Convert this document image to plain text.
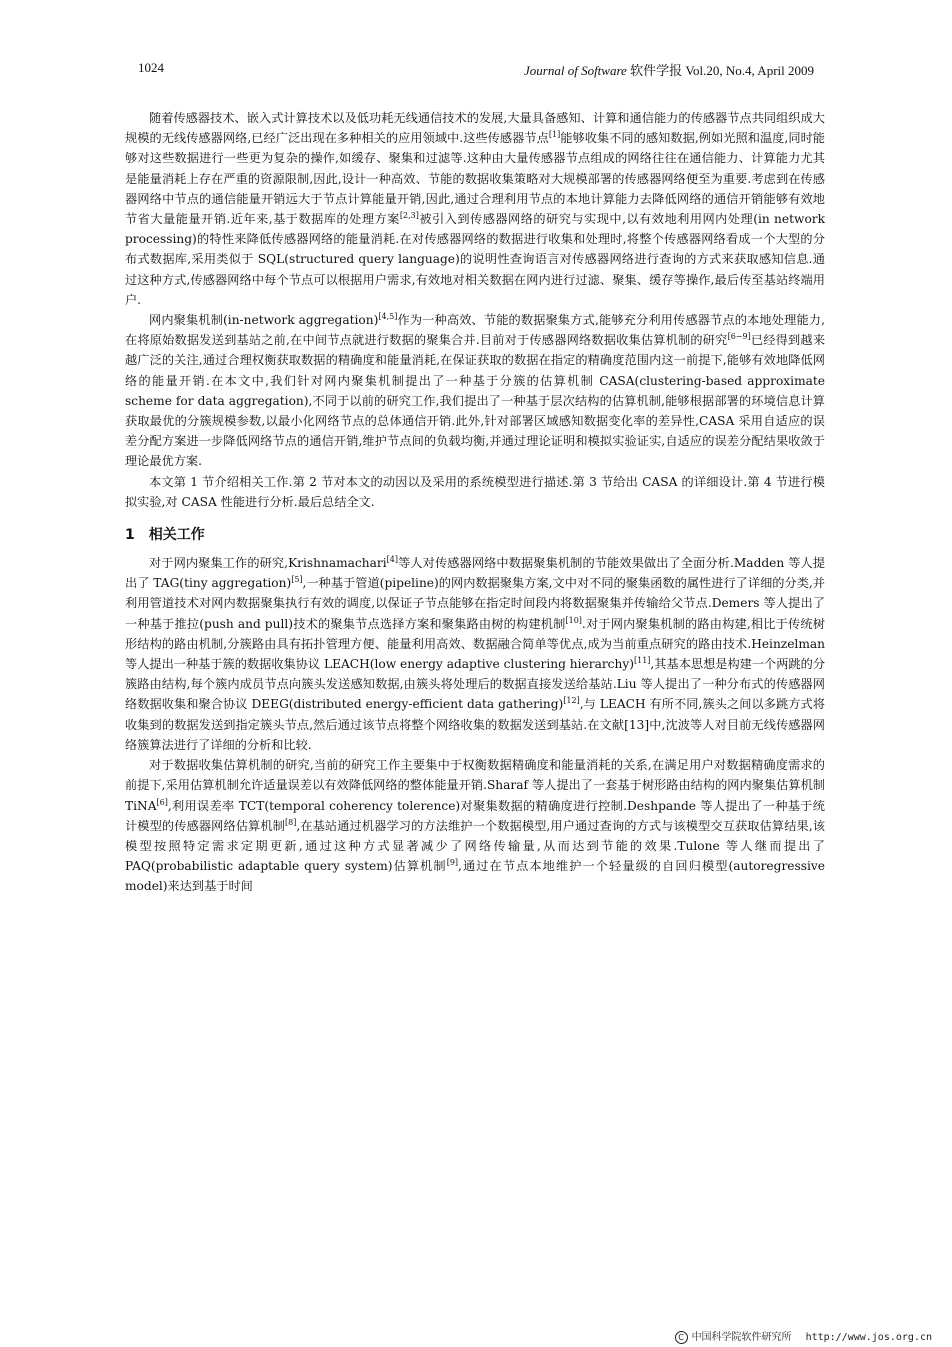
1024	Journal of Software 软件学报 Vol.20, No.4, April 2009

随着传感器技术、嵌入式计算技术以及低功耗无线通信技术的发展,大量具备感知、计算和通信能力的传感器节点共同组织成大规模的无线传感器网络,已经广泛出现在多种相关的应用领域中.这些传感器节点[1]能够收集不同的感知数据,例如光照和温度,同时能够对这些数据进行一些更为复杂的操作,如缓存、聚集和过滤等.这种由大量传感器节点组成的网络往往在通信能力、计算能力尤其是能量消耗上存在严重的资源限制,因此,设计一种高效、节能的数据收集策略对大规模部署的传感器网络便至为重要.考虑到在传感器网络中节点的通信能量开销远大于节点计算能量开销,因此,通过合理利用节点的本地计算能力去降低网络的通信开销能够有效地节省大量能量开销.近年来,基于数据库的处理方案[2,3]被引入到传感器网络的研究与实现中,以有效地利用网内处理(in network processing)的特性来降低传感器网络的能量消耗.在对传感器网络的数据进行收集和处理时,将整个传感器网络看成一个大型的分布式数据库,采用类似于 SQL(structured query language)的说明性查询语言对传感器网络进行查询的方式来获取感知信息.通过这种方式,传感器网络中每个节点可以根据用户需求,有效地对相关数据在网内进行过滤、聚集、缓存等操作,最后传至基站终端用户.

网内聚集机制(in-network aggregation)[4,5]作为一种高效、节能的数据聚集方式,能够充分利用传感器节点的本地处理能力,在将原始数据发送到基站之前,在中间节点就进行数据的聚集合并.目前对于传感器网络数据收集估算机制的研究[6−9]已经得到越来越广泛的关注,通过合理权衡获取数据的精确度和能量消耗,在保证获取的数据在指定的精确度范围内这一前提下,能够有效地降低网络的能量开销.在本文中,我们针对网内聚集机制提出了一种基于分簇的估算机制 CASA(clustering-based approximate scheme for data aggregation),不同于以前的研究工作,我们提出了一种基于层次结构的估算机制,能够根据部署的环境信息计算获取最优的分簇规模参数,以最小化网络节点的总体通信开销.此外,针对部署区域感知数据变化率的差异性,CASA 采用自适应的误差分配方案进一步降低网络节点的通信开销,维护节点间的负载均衡,并通过理论证明和模拟实验证实,自适应的误差分配结果收敛于理论最优方案.

本文第 1 节介绍相关工作.第 2 节对本文的动因以及采用的系统模型进行描述.第 3 节给出 CASA 的详细设计.第 4 节进行模拟实验,对 CASA 性能进行分析.最后总结全文.

1 相关工作

对于网内聚集工作的研究,Krishnamachari[4]等人对传感器网络中数据聚集机制的节能效果做出了全面分析.Madden 等人提出了 TAG(tiny aggregation)[5],一种基于管道(pipeline)的网内数据聚集方案,文中对不同的聚集函数的属性进行了详细的分类,并利用管道技术对网内数据聚集执行有效的调度,以保证子节点能够在指定时间段内将数据聚集并传输给父节点.Demers 等人提出了一种基于推拉(push and pull)技术的聚集节点选择方案和聚集路由树的构建机制[10].对于网内聚集机制的路由构建,相比于传统树形结构的路由机制,分簇路由具有拓扑管理方便、能量利用高效、数据融合简单等优点,成为当前重点研究的路由技术.Heinzelman 等人提出一种基于簇的数据收集协议 LEACH(low energy adaptive clustering hierarchy)[11],其基本思想是构建一个两跳的分簇路由结构,每个簇内成员节点向簇头发送感知数据,由簇头将处理后的数据直接发送给基站.Liu 等人提出了一种分布式的传感器网络数据收集和聚合协议 DEEG(distributed energy-efficient data gathering)[12],与 LEACH 有所不同,簇头之间以多跳方式将收集到的数据发送到指定簇头节点,然后通过该节点将整个网络收集的数据发送到基站.在文献[13]中,沈波等人对目前无线传感器网络簇算法进行了详细的分析和比较.

对于数据收集估算机制的研究,当前的研究工作主要集中于权衡数据精确度和能量消耗的关系,在满足用户对数据精确度需求的前提下,采用估算机制允许适量误差以有效降低网络的整体能量开销.Sharaf 等人提出了一套基于树形路由结构的网内聚集估算机制 TiNA[6],利用误差率 TCT(temporal coherency tolerence)对聚集数据的精确度进行控制.Deshpande 等人提出了一种基于统计模型的传感器网络估算机制[8],在基站通过机器学习的方法维护一个数据模型,用户通过查询的方式与该模型交互获取估算结果,该模型按照特定需求定期更新,通过这种方式显著减少了网络传输量,从而达到节能的效果.Tulone 等人继而提出了 PAQ(probabilistic adaptable query system)估算机制[9],通过在节点本地维护一个轻量级的自回归模型(autoregressive model)来达到基于时间

C 中国科学院软件研究所 http://www.jos.org.cn
